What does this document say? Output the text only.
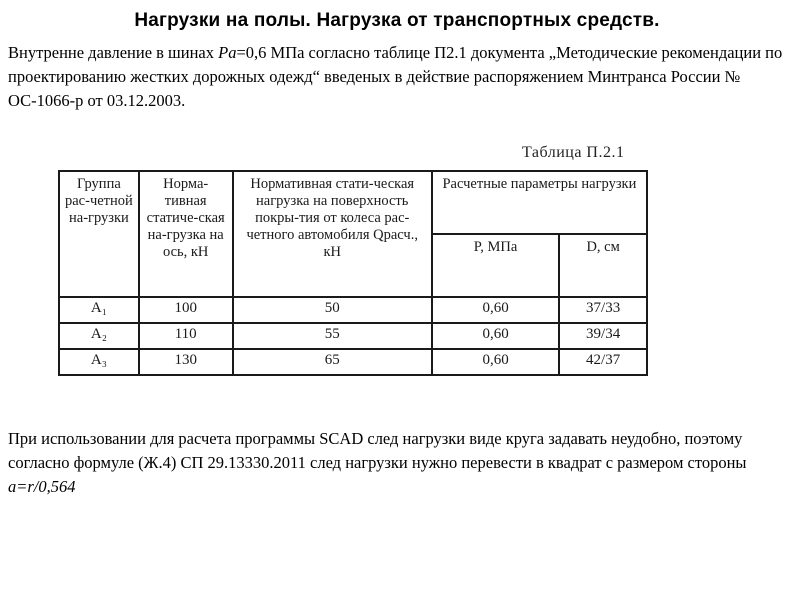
Нагрузки на полы. Нагрузка от транспортных средств.
Внутренне давление в шинах Pa=0,6 МПа согласно таблице П2.1 документа „Методические рекомендации по проектированию жестких дорожных одежд“ введеных в действие распоряжением Минтранса России № ОС-1066-р от 03.12.2003.
Таблица П.2.1
Группа рас-четной на-грузки	Норма-тивная статиче-ская на-грузка на ось, кН	Нормативная стати-ческая нагрузка на поверхность покры-тия от колеса рас-четного автомобиля Qрасч., кН	Расчетные параметры нагрузки	
			P, МПа	D, см
A₁	100	50	0,60	37/33
A₂	110	55	0,60	39/34
A₃	130	65	0,60	42/37
При использовании для расчета программы SCAD след нагрузки виде круга задавать неудобно, поэтому согласно формуле (Ж.4) СП 29.13330.2011 след нагрузки нужно перевести в квадрат с размером стороны a=r/0,564
